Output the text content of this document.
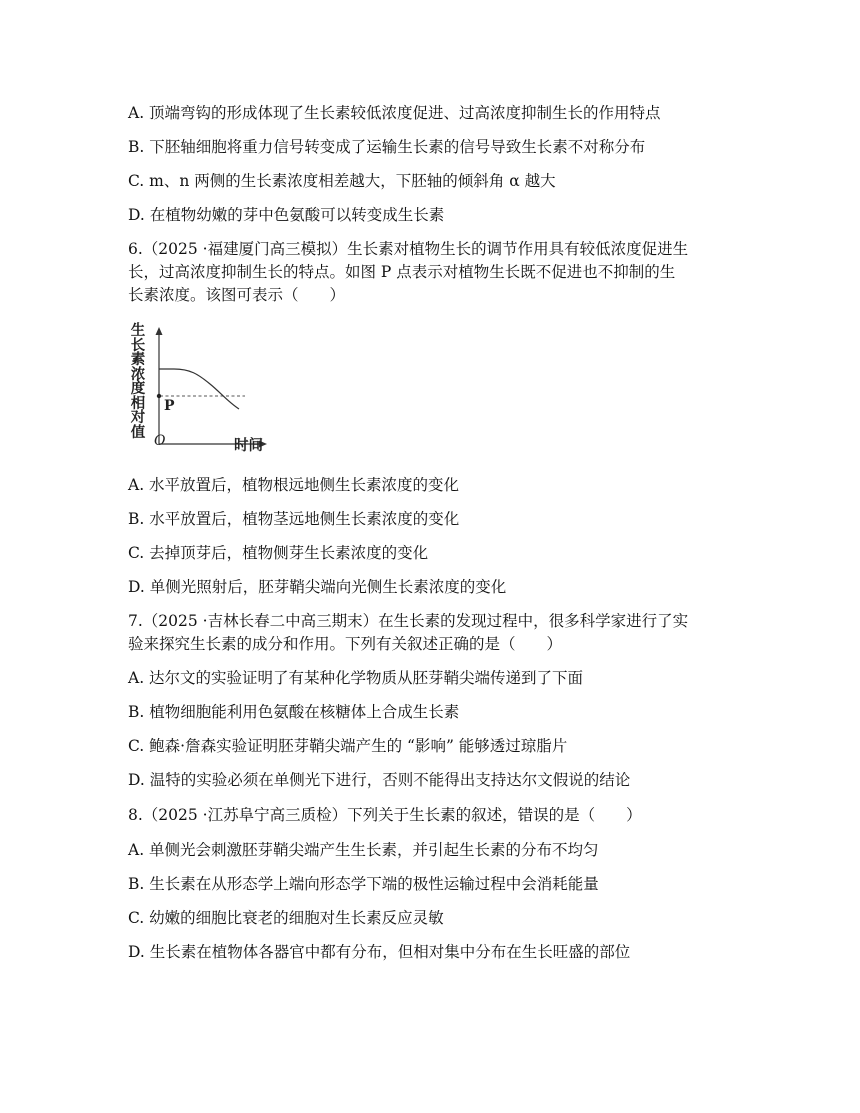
A. 顶端弯钩的形成体现了生长素较低浓度促进、过高浓度抑制生长的作用特点
B. 下胚轴细胞将重力信号转变成了运输生长素的信号导致生长素不对称分布
C. m、n 两侧的生长素浓度相差越大，下胚轴的倾斜角 α 越大
D. 在植物幼嫩的芽中色氨酸可以转变成生长素
6.（2025 ·福建厦门高三模拟）生长素对植物生长的调节作用具有较低浓度促进生
长，过高浓度抑制生长的特点。如图 P 点表示对植物生长既不促进也不抑制的生
长素浓度。该图可表示（　　）
生长素浓度相对值
P
O	时间
A. 水平放置后，植物根远地侧生长素浓度的变化
B. 水平放置后，植物茎远地侧生长素浓度的变化
C. 去掉顶芽后，植物侧芽生长素浓度的变化
D. 单侧光照射后，胚芽鞘尖端向光侧生长素浓度的变化
7.（2025 ·吉林长春二中高三期末）在生长素的发现过程中，很多科学家进行了实
验来探究生长素的成分和作用。下列有关叙述正确的是（　　）
A. 达尔文的实验证明了有某种化学物质从胚芽鞘尖端传递到了下面
B. 植物细胞能利用色氨酸在核糖体上合成生长素
C. 鲍森·詹森实验证明胚芽鞘尖端产生的 “影响” 能够透过琼脂片
D. 温特的实验必须在单侧光下进行，否则不能得出支持达尔文假说的结论
8.（2025 ·江苏阜宁高三质检）下列关于生长素的叙述，错误的是（　　）
A. 单侧光会刺激胚芽鞘尖端产生生长素，并引起生长素的分布不均匀
B. 生长素在从形态学上端向形态学下端的极性运输过程中会消耗能量
C. 幼嫩的细胞比衰老的细胞对生长素反应灵敏
D. 生长素在植物体各器官中都有分布，但相对集中分布在生长旺盛的部位
